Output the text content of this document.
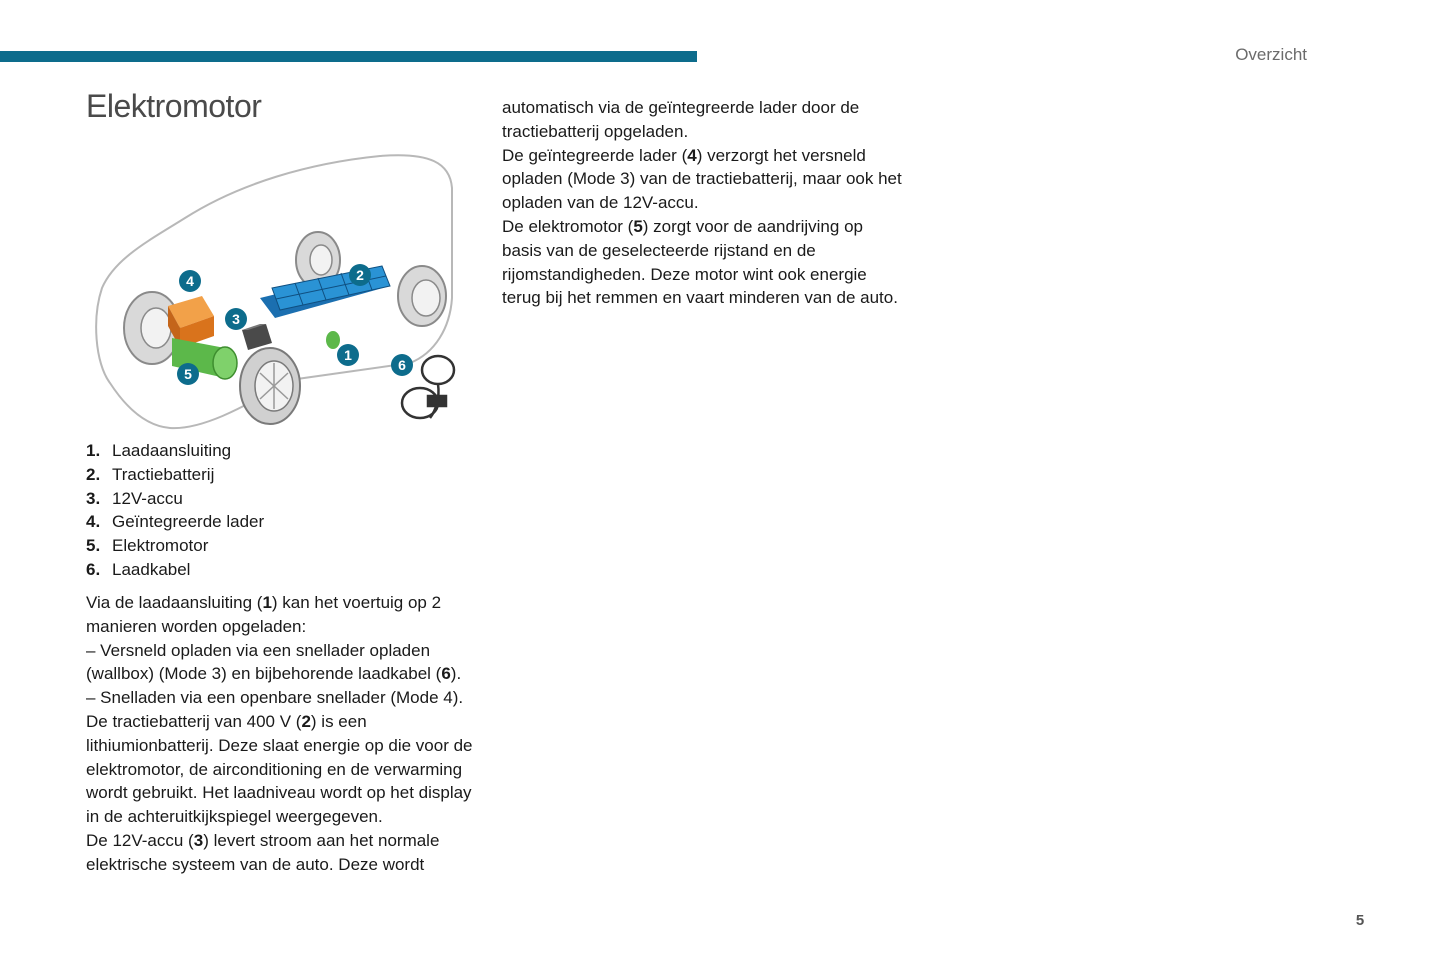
Overzicht
Elektromotor
1
2
3
4
5
6
1. Laadaansluiting
2. Tractiebatterij
3. 12V-accu
4. Geïntegreerde lader
5. Elektromotor
6. Laadkabel

Via de laadaansluiting (1) kan het voertuig op 2 manieren worden opgeladen:

– Versneld opladen via een snellader opladen (wallbox) (Mode 3) en bijbehorende laadkabel (6).

– Snelladen via een openbare snellader (Mode 4).

De tractiebatterij van 400 V (2) is een lithiumionbatterij. Deze slaat energie op die voor de elektromotor, de airconditioning en de verwarming wordt gebruikt. Het laadniveau wordt op het display in de achteruitkijkspiegel weergegeven.

De 12V-accu (3) levert stroom aan het normale elektrische systeem van de auto. Deze wordt

automatisch via de geïntegreerde lader door de tractiebatterij opgeladen.

De geïntegreerde lader (4) verzorgt het versneld opladen (Mode 3) van de tractiebatterij, maar ook het opladen van de 12V-accu.

De elektromotor (5) zorgt voor de aandrijving op basis van de geselecteerde rijstand en de rijomstandigheden. Deze motor wint ook energie terug bij het remmen en vaart minderen van de auto.

5
